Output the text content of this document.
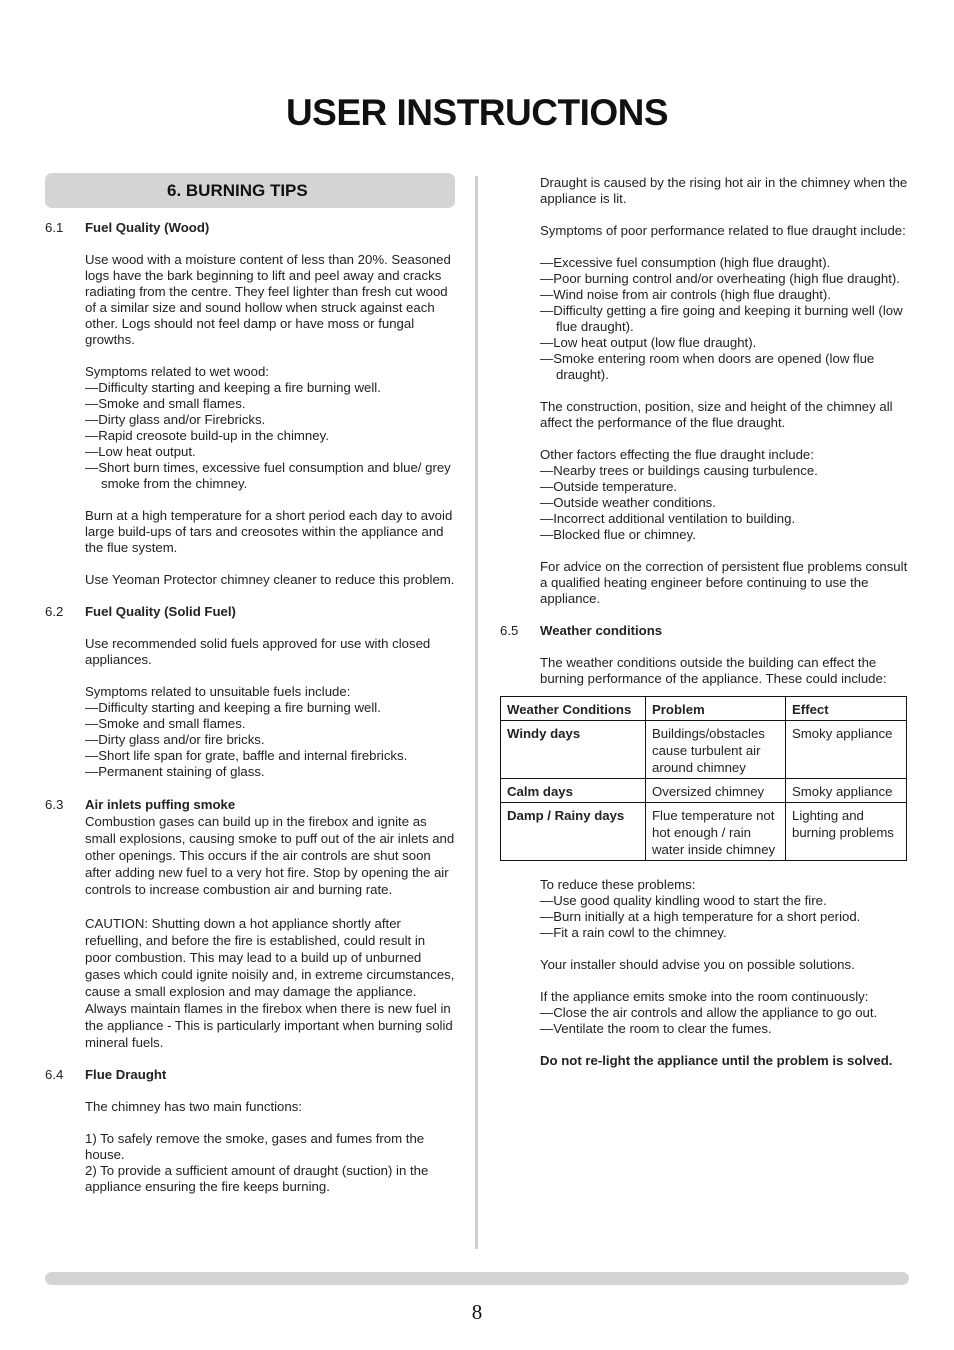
USER INSTRUCTIONS
6. BURNING TIPS
6.1	Fuel Quality (Wood)

Use wood with a moisture content of less than 20%. Seasoned logs have the bark beginning to lift and peel away and cracks radiating from the centre. They feel lighter than fresh cut wood of a similar size and sound hollow when struck against each other. Logs should not feel damp or have moss or fungal growths.

Symptoms related to wet wood:

—Difficulty starting and keeping a fire burning well.
—Smoke and small flames.
—Dirty glass and/or Firebricks.
—Rapid creosote build-up in the chimney.
—Low heat output.
—Short burn times, excessive fuel consumption and blue/ grey smoke from the chimney.

Burn at a high temperature for a short period each day to avoid large build-ups of tars and creosotes within the appliance and the flue system.

Use Yeoman Protector chimney cleaner to reduce this problem.

6.2	Fuel Quality (Solid Fuel)

Use recommended solid fuels approved for use with closed appliances.

Symptoms related to unsuitable fuels include:

—Difficulty starting and keeping a fire burning well.
—Smoke and small flames.
—Dirty glass and/or fire bricks.
—Short life span for grate, baffle and internal firebricks.
—Permanent staining of glass.
6.3	Air inlets puffing smoke

Combustion gases can build up in the firebox and ignite as small explosions, causing smoke to puff out of the air inlets and other openings. This occurs if the air controls are shut soon after adding new fuel to a very hot fire. Stop by opening the air controls to increase combustion air and burning rate.

CAUTION: Shutting down a hot appliance shortly after refuelling, and before the fire is established, could result in poor combustion. This may lead to a build up of unburned gases which could ignite noisily and, in extreme circumstances, cause a small explosion and may damage the appliance. Always maintain flames in the firebox when there is new fuel in the appliance - This is particularly important when burning solid mineral fuels.

6.4	Flue Draught

The chimney has two main functions:

1) To safely remove the smoke, gases and fumes from the house.

2) To provide a sufficient amount of draught (suction) in the appliance ensuring the fire keeps burning.

Draught is caused by the rising hot air in the chimney when the appliance is lit.

Symptoms of poor performance related to flue draught include:

—Excessive fuel consumption (high flue draught).
—Poor burning control and/or overheating (high flue draught).
—Wind noise from air controls (high flue draught).
—Difficulty getting a fire going and keeping it burning well (low flue draught).
—Low heat output (low flue draught).
—Smoke entering room when doors are opened (low flue draught).

The construction, position, size and height of the chimney all affect the performance of the flue draught.

Other factors effecting the flue draught include:

—Nearby trees or buildings causing turbulence.
—Outside temperature.
—Outside weather conditions.
—Incorrect additional ventilation to building.
—Blocked flue or chimney.

For advice on the correction of persistent flue problems consult a qualified heating engineer before continuing to use the appliance.

6.5	Weather conditions

The weather conditions outside the building can effect the burning performance of the appliance. These could include:

Weather Conditions	Problem	Effect
Windy days	Buildings/obstacles cause turbulent air around chimney	Smoky appliance
Calm days	Oversized chimney	Smoky appliance
Damp / Rainy days	Flue temperature not hot enough / rain water inside chimney	Lighting and burning problems

To reduce these problems:

—Use good quality kindling wood to start the fire.
—Burn initially at a high temperature for a short period.
—Fit a rain cowl to the chimney.

Your installer should advise you on possible solutions.

If the appliance emits smoke into the room continuously:

—Close the air controls and allow the appliance to go out.
—Ventilate the room to clear the fumes.

Do not re-light the appliance until the problem is solved.

8
